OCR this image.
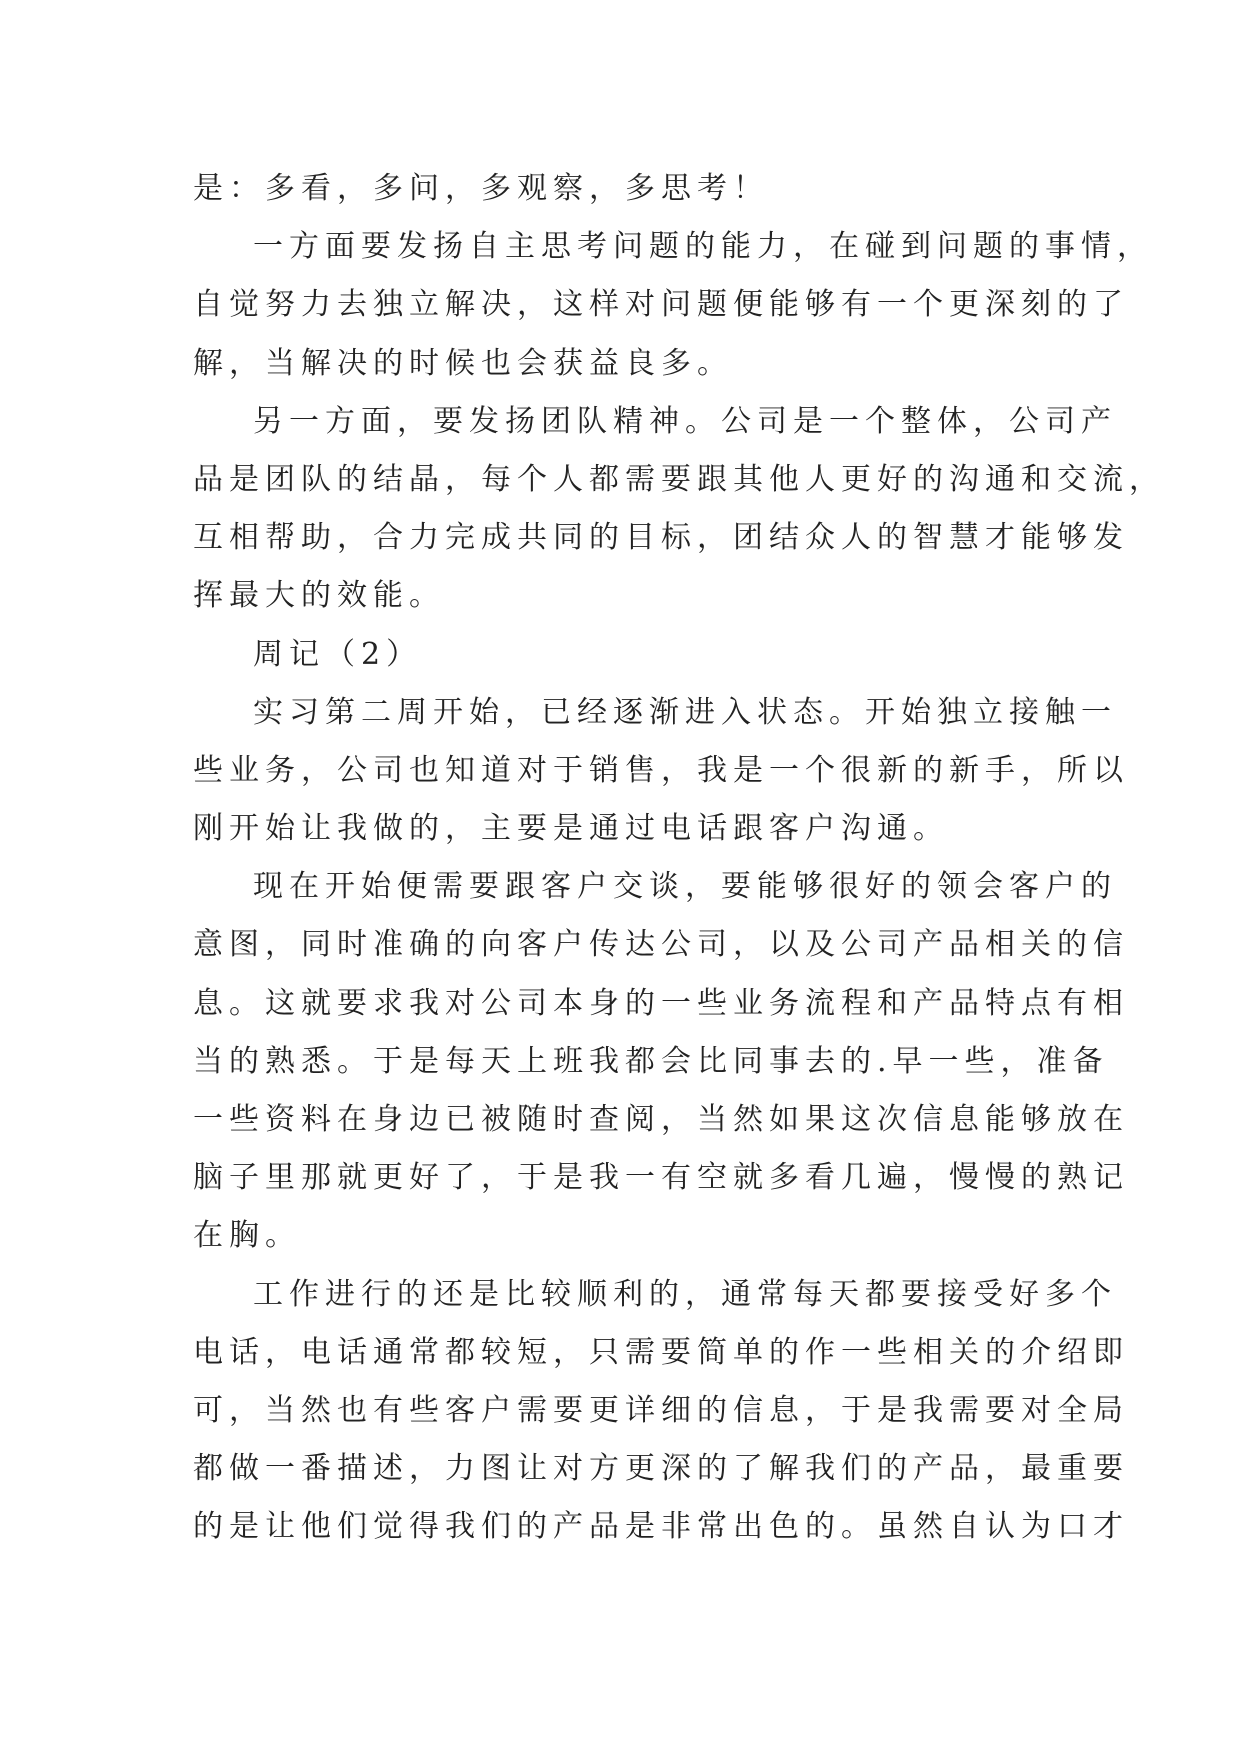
是：多看，多问，多观察，多思考！
一方面要发扬自主思考问题的能力，在碰到问题的事情，
自觉努力去独立解决，这样对问题便能够有一个更深刻的了
解，当解决的时候也会获益良多。
另一方面，要发扬团队精神。公司是一个整体，公司产
品是团队的结晶，每个人都需要跟其他人更好的沟通和交流，
互相帮助，合力完成共同的目标，团结众人的智慧才能够发
挥最大的效能。
周记（2）
实习第二周开始，已经逐渐进入状态。开始独立接触一
些业务，公司也知道对于销售，我是一个很新的新手，所以
刚开始让我做的，主要是通过电话跟客户沟通。
现在开始便需要跟客户交谈，要能够很好的领会客户的
意图，同时准确的向客户传达公司，以及公司产品相关的信
息。这就要求我对公司本身的一些业务流程和产品特点有相
当的熟悉。于是每天上班我都会比同事去的.早一些，准备
一些资料在身边已被随时查阅，当然如果这次信息能够放在
脑子里那就更好了，于是我一有空就多看几遍，慢慢的熟记
在胸。
工作进行的还是比较顺利的，通常每天都要接受好多个
电话，电话通常都较短，只需要简单的作一些相关的介绍即
可，当然也有些客户需要更详细的信息，于是我需要对全局
都做一番描述，力图让对方更深的了解我们的产品，最重要
的是让他们觉得我们的产品是非常出色的。虽然自认为口才
